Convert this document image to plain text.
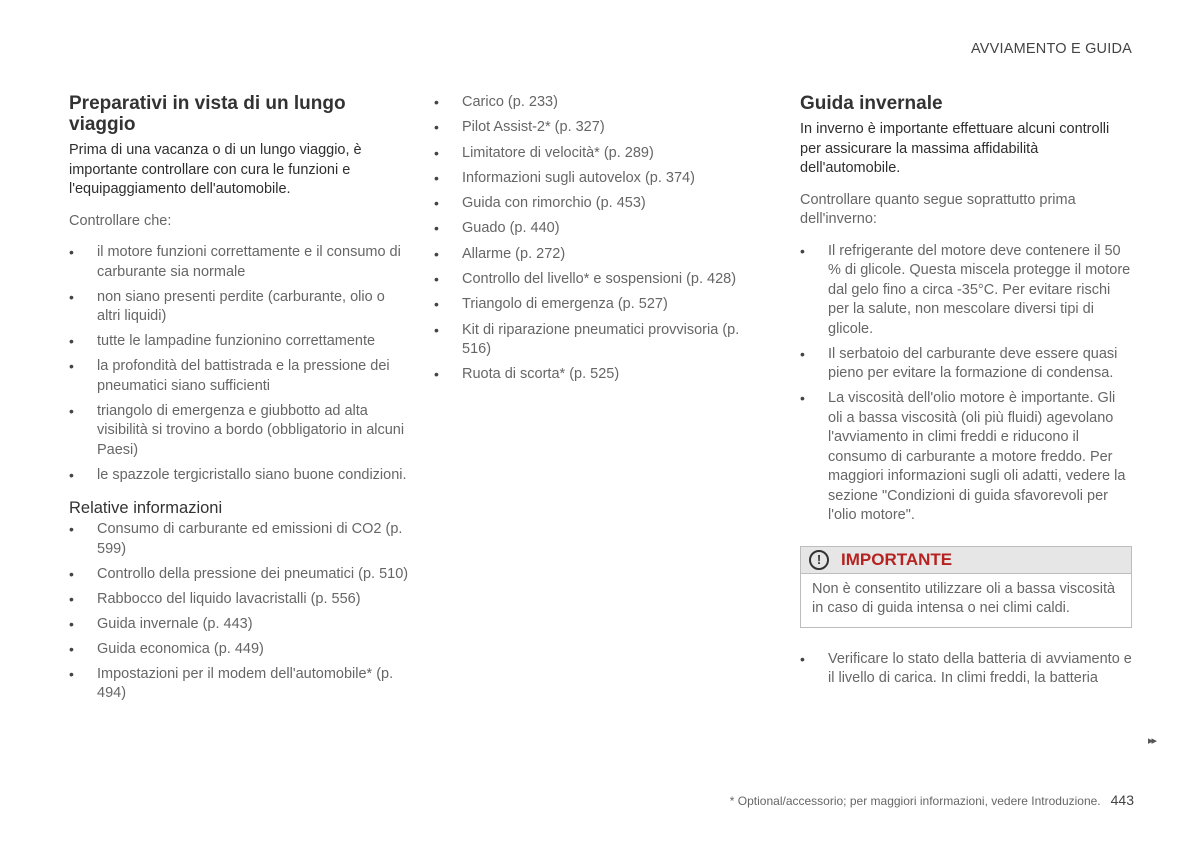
AVVIAMENTO E GUIDA
Preparativi in vista di un lungo viaggio

Prima di una vacanza o di un lungo viaggio, è importante controllare con cura le funzioni e l'equipaggiamento dell'automobile.

Controllare che:

• il motore funzioni correttamente e il consumo di carburante sia normale
• non siano presenti perdite (carburante, olio o altri liquidi)
• tutte le lampadine funzionino correttamente
• la profondità del battistrada e la pressione dei pneumatici siano sufficienti
• triangolo di emergenza e giubbotto ad alta visibilità si trovino a bordo (obbligatorio in alcuni Paesi)
• le spazzole tergicristallo siano buone condizioni.
Relative informazioni
• Consumo di carburante ed emissioni di CO2 (p. 599)
• Controllo della pressione dei pneumatici (p. 510)
• Rabbocco del liquido lavacristalli (p. 556)
• Guida invernale (p. 443)
• Guida economica (p. 449)
• Impostazioni per il modem dell'automobile* (p. 494)
• Carico (p. 233)
• Pilot Assist-2* (p. 327)
• Limitatore di velocità* (p. 289)
• Informazioni sugli autovelox (p. 374)
• Guida con rimorchio (p. 453)
• Guado (p. 440)
• Allarme (p. 272)
• Controllo del livello* e sospensioni (p. 428)
• Triangolo di emergenza (p. 527)
• Kit di riparazione pneumatici provvisoria (p. 516)
• Ruota di scorta* (p. 525)
Guida invernale

In inverno è importante effettuare alcuni controlli per assicurare la massima affidabilità dell'automobile.

Controllare quanto segue soprattutto prima dell'inverno:

• Il refrigerante del motore deve contenere il 50 % di glicole. Questa miscela protegge il motore dal gelo fino a circa -35°C. Per evitare rischi per la salute, non mescolare diversi tipi di glicole.
• Il serbatoio del carburante deve essere quasi pieno per evitare la formazione di condensa.
• La viscosità dell'olio motore è importante. Gli oli a bassa viscosità (oli più fluidi) agevolano l'avviamento in climi freddi e riducono il consumo di carburante a motore freddo. Per maggiori informazioni sugli oli adatti, vedere la sezione "Condizioni di guida sfavorevoli per l'olio motore".
!	IMPORTANTE
Non è consentito utilizzare oli a bassa viscosità in caso di guida intensa o nei climi caldi.
• Verificare lo stato della batteria di avviamento e il livello di carica. In climi freddi, la batteria
▸▸
* Optional/accessorio; per maggiori informazioni, vedere Introduzione. 443
